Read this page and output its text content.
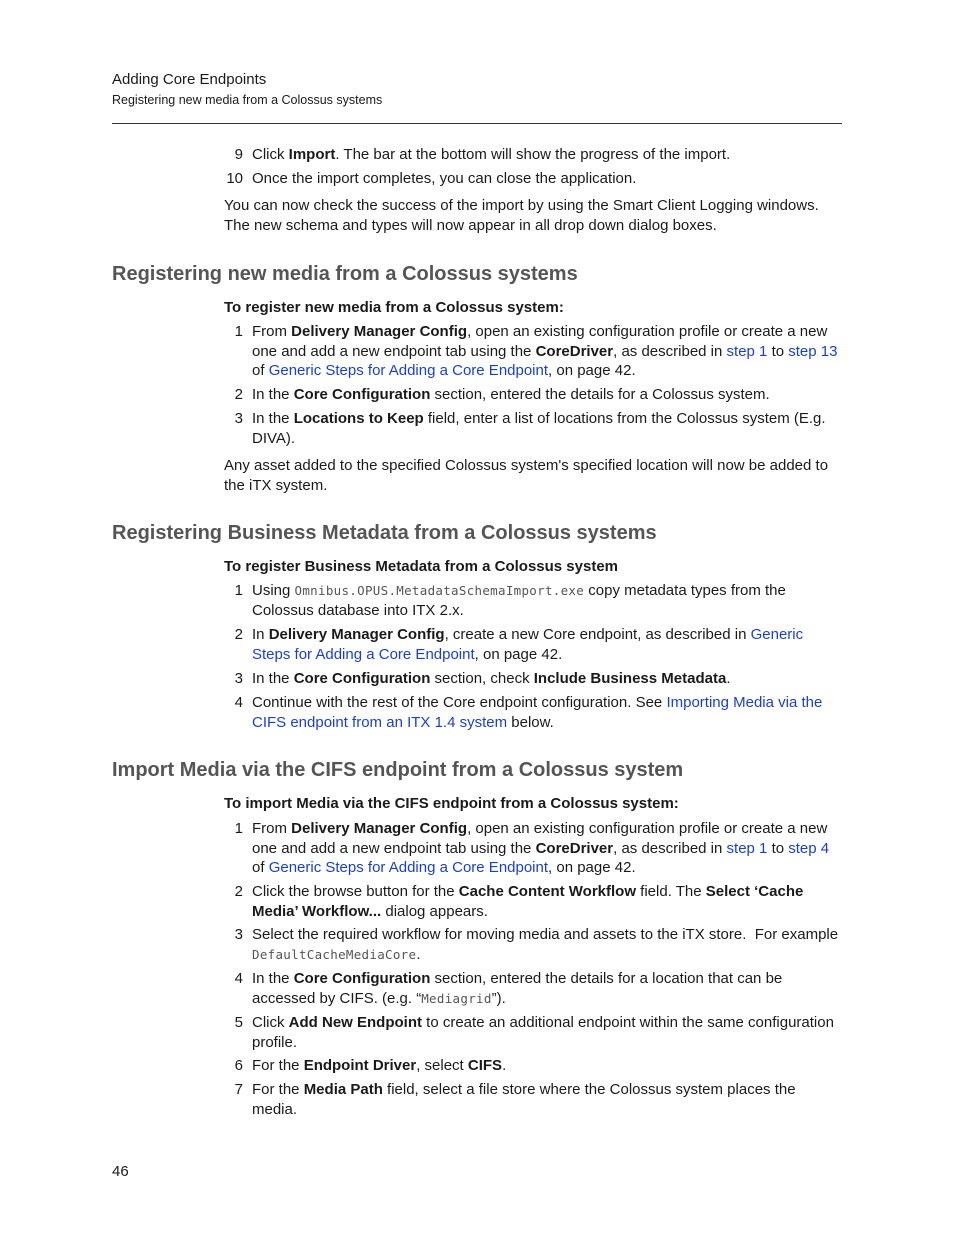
Adding Core Endpoints
Registering new media from a Colossus systems
9 Click Import. The bar at the bottom will show the progress of the import.
10 Once the import completes, you can close the application.
You can now check the success of the import by using the Smart Client Logging windows. The new schema and types will now appear in all drop down dialog boxes.
Registering new media from a Colossus systems
To register new media from a Colossus system:
1 From Delivery Manager Config, open an existing configuration profile or create a new one and add a new endpoint tab using the CoreDriver, as described in step 1 to step 13 of Generic Steps for Adding a Core Endpoint, on page 42.
2 In the Core Configuration section, entered the details for a Colossus system.
3 In the Locations to Keep field, enter a list of locations from the Colossus system (E.g. DIVA).
Any asset added to the specified Colossus system's specified location will now be added to the iTX system.
Registering Business Metadata from a Colossus systems
To register Business Metadata from a Colossus system
1 Using Omnibus.OPUS.MetadataSchemaImport.exe copy metadata types from the Colossus database into ITX 2.x.
2 In Delivery Manager Config, create a new Core endpoint, as described in Generic Steps for Adding a Core Endpoint, on page 42.
3 In the Core Configuration section, check Include Business Metadata.
4 Continue with the rest of the Core endpoint configuration. See Importing Media via the CIFS endpoint from an ITX 1.4 system below.
Import Media via the CIFS endpoint from a Colossus system
To import Media via the CIFS endpoint from a Colossus system:
1 From Delivery Manager Config, open an existing configuration profile or create a new one and add a new endpoint tab using the CoreDriver, as described in step 1 to step 4 of Generic Steps for Adding a Core Endpoint, on page 42.
2 Click the browse button for the Cache Content Workflow field. The Select ‘Cache Media’ Workflow... dialog appears.
3 Select the required workflow for moving media and assets to the iTX store.  For example DefaultCacheMediaCore.
4 In the Core Configuration section, entered the details for a location that can be accessed by CIFS. (e.g. “Mediagrid”).
5 Click Add New Endpoint to create an additional endpoint within the same configuration profile.
6 For the Endpoint Driver, select CIFS.
7 For the Media Path field, select a file store where the Colossus system places the media.
46
